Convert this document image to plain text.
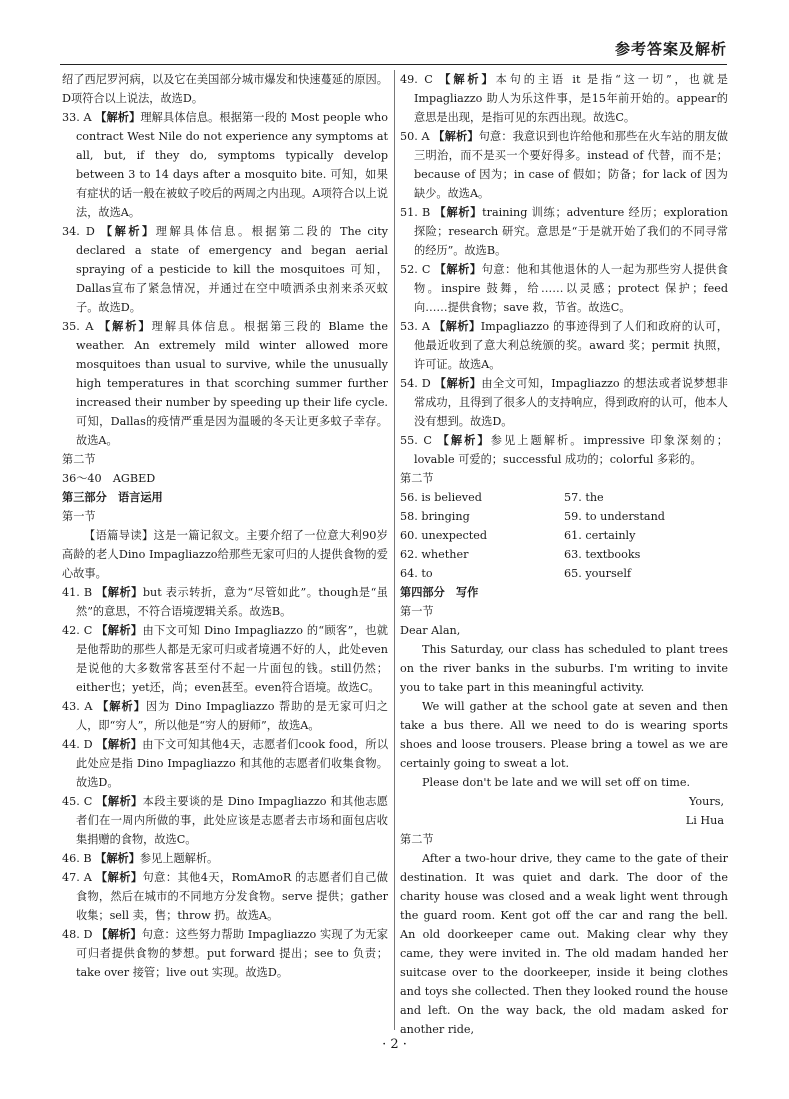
参考答案及解析
绍了西尼罗河病，以及它在美国部分城市爆发和快速蔓延的原因。D项符合以上说法，故选D。
33. A 【解析】理解具体信息。根据第一段的 Most people who contract West Nile do not experience any symptoms at all, but, if they do, symptoms typically develop between 3 to 14 days after a mosquito bite. 可知，如果有症状的话一般在被蚊子咬后的两周之内出现。A项符合以上说法，故选A。
34. D 【解析】理解具体信息。根据第二段的 The city declared a state of emergency and began aerial spraying of a pesticide to kill the mosquitoes 可知，Dallas宣布了紧急情况，并通过在空中喷洒杀虫剂来杀灭蚊子。故选D。
35. A 【解析】理解具体信息。根据第三段的 Blame the weather. An extremely mild winter allowed more mosquitoes than usual to survive, while the unusually high temperatures in that scorching summer further increased their number by speeding up their life cycle. 可知，Dallas的疫情严重是因为温暖的冬天让更多蚊子幸存。故选A。
第二节
36～40　AGBED
第三部分　语言运用
第一节
【语篇导读】这是一篇记叙文。主要介绍了一位意大利90岁高龄的老人Dino Impagliazzo给那些无家可归的人提供食物的爱心故事。
41. B 【解析】but 表示转折，意为“尽管如此”。though是“虽然”的意思，不符合语境逻辑关系。故选B。
42. C 【解析】由下文可知 Dino Impagliazzo 的“顾客”，也就是他帮助的那些人都是无家可归或者境遇不好的人，此处even是说他的大多数常客甚至付不起一片面包的钱。still仍然；either也；yet还，尚；even甚至。even符合语境。故选C。
43. A 【解析】因为 Dino Impagliazzo 帮助的是无家可归之人，即“穷人”，所以他是“穷人的厨师”，故选A。
44. D 【解析】由下文可知其他4天，志愿者们cook food，所以此处应是指 Dino Impagliazzo 和其他的志愿者们收集食物。故选D。
45. C 【解析】本段主要谈的是 Dino Impagliazzo 和其他志愿者们在一周内所做的事，此处应该是志愿者去市场和面包店收集捐赠的食物，故选C。
46. B 【解析】参见上题解析。
47. A 【解析】句意：其他4天，RomAmoR 的志愿者们自己做食物，然后在城市的不同地方分发食物。serve 提供；gather 收集；sell 卖，售；throw 扔。故选A。
48. D 【解析】句意：这些努力帮助 Impagliazzo 实现了为无家可归者提供食物的梦想。put forward 提出；see to 负责；take over 接管；live out 实现。故选D。
49. C 【解析】本句的主语 it 是指“这一切”，也就是 Impagliazzo 助人为乐这件事，是15年前开始的。appear的意思是出现，是指可见的东西出现。故选C。
50. A 【解析】句意：我意识到也许给他和那些在火车站的朋友做三明治，而不是买一个要好得多。instead of 代替，而不是；because of 因为；in case of 假如；防备；for lack of 因为缺少。故选A。
51. B 【解析】training 训练；adventure 经历；exploration 探险；research 研究。意思是“于是就开始了我们的不同寻常的经历”。故选B。
52. C 【解析】句意：他和其他退休的人一起为那些穷人提供食物。inspire 鼓舞，给……以灵感；protect 保护；feed 向……提供食物；save 救，节省。故选C。
53. A 【解析】Impagliazzo 的事迹得到了人们和政府的认可，他最近收到了意大利总统颁的奖。award 奖；permit 执照，许可证。故选A。
54. D 【解析】由全文可知，Impagliazzo 的想法或者说梦想非常成功，且得到了很多人的支持响应，得到政府的认可，他本人没有想到。故选D。
55. C 【解析】参见上题解析。impressive 印象深刻的；lovable 可爱的；successful 成功的；colorful 多彩的。
第二节
56. is believed	57. the
58. bringing	59. to understand
60. unexpected	61. certainly
62. whether	63. textbooks
64. to	65. yourself
第四部分　写作
第一节
Dear Alan,
This Saturday, our class has scheduled to plant trees on the river banks in the suburbs. I'm writing to invite you to take part in this meaningful activity.
We will gather at the school gate at seven and then take a bus there. All we need to do is wearing sports shoes and loose trousers. Please bring a towel as we are certainly going to sweat a lot.
Please don't be late and we will set off on time.
Yours,
Li Hua
第二节
After a two-hour drive, they came to the gate of their destination. It was quiet and dark. The door of the charity house was closed and a weak light went through the guard room. Kent got off the car and rang the bell. An old doorkeeper came out. Making clear why they came, they were invited in. The old madam handed her suitcase over to the doorkeeper, inside it being clothes and toys she collected. Then they looked round the house and left. On the way back, the old madam asked for another ride,
· 2 ·
